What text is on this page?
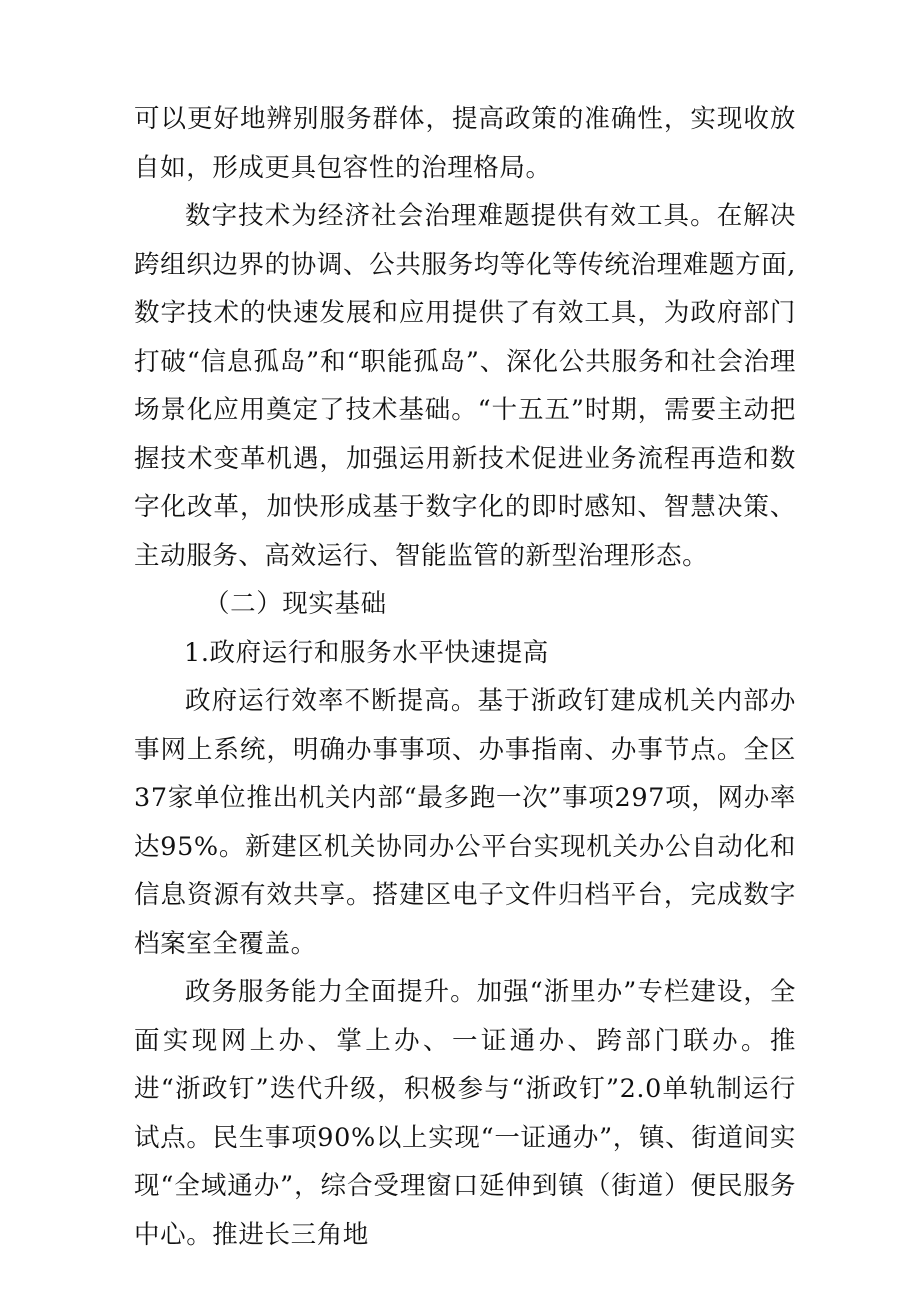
可以更好地辨别服务群体，提高政策的准确性，实现收放自如，形成更具包容性的治理格局。

数字技术为经济社会治理难题提供有效工具。在解决跨组织边界的协调、公共服务均等化等传统治理难题方面,数字技术的快速发展和应用提供了有效工具，为政府部门打破“信息孤岛”和“职能孤岛”、深化公共服务和社会治理场景化应用奠定了技术基础。“十五五”时期，需要主动把握技术变革机遇，加强运用新技术促进业务流程再造和数字化改革，加快形成基于数字化的即时感知、智慧决策、主动服务、高效运行、智能监管的新型治理形态。

（二）现实基础

1.政府运行和服务水平快速提高

政府运行效率不断提高。基于浙政钉建成机关内部办事网上系统，明确办事事项、办事指南、办事节点。全区37家单位推出机关内部“最多跑一次”事项297项，网办率达95%。新建区机关协同办公平台实现机关办公自动化和信息资源有效共享。搭建区电子文件归档平台，完成数字档案室全覆盖。

政务服务能力全面提升。加强“浙里办”专栏建设，全面实现网上办、掌上办、一证通办、跨部门联办。推进“浙政钉”迭代升级，积极参与“浙政钉”2.0单轨制运行试点。民生事项90%以上实现“一证通办”，镇、街道间实现“全域通办”，综合受理窗口延伸到镇（街道）便民服务中心。推进长三角地
